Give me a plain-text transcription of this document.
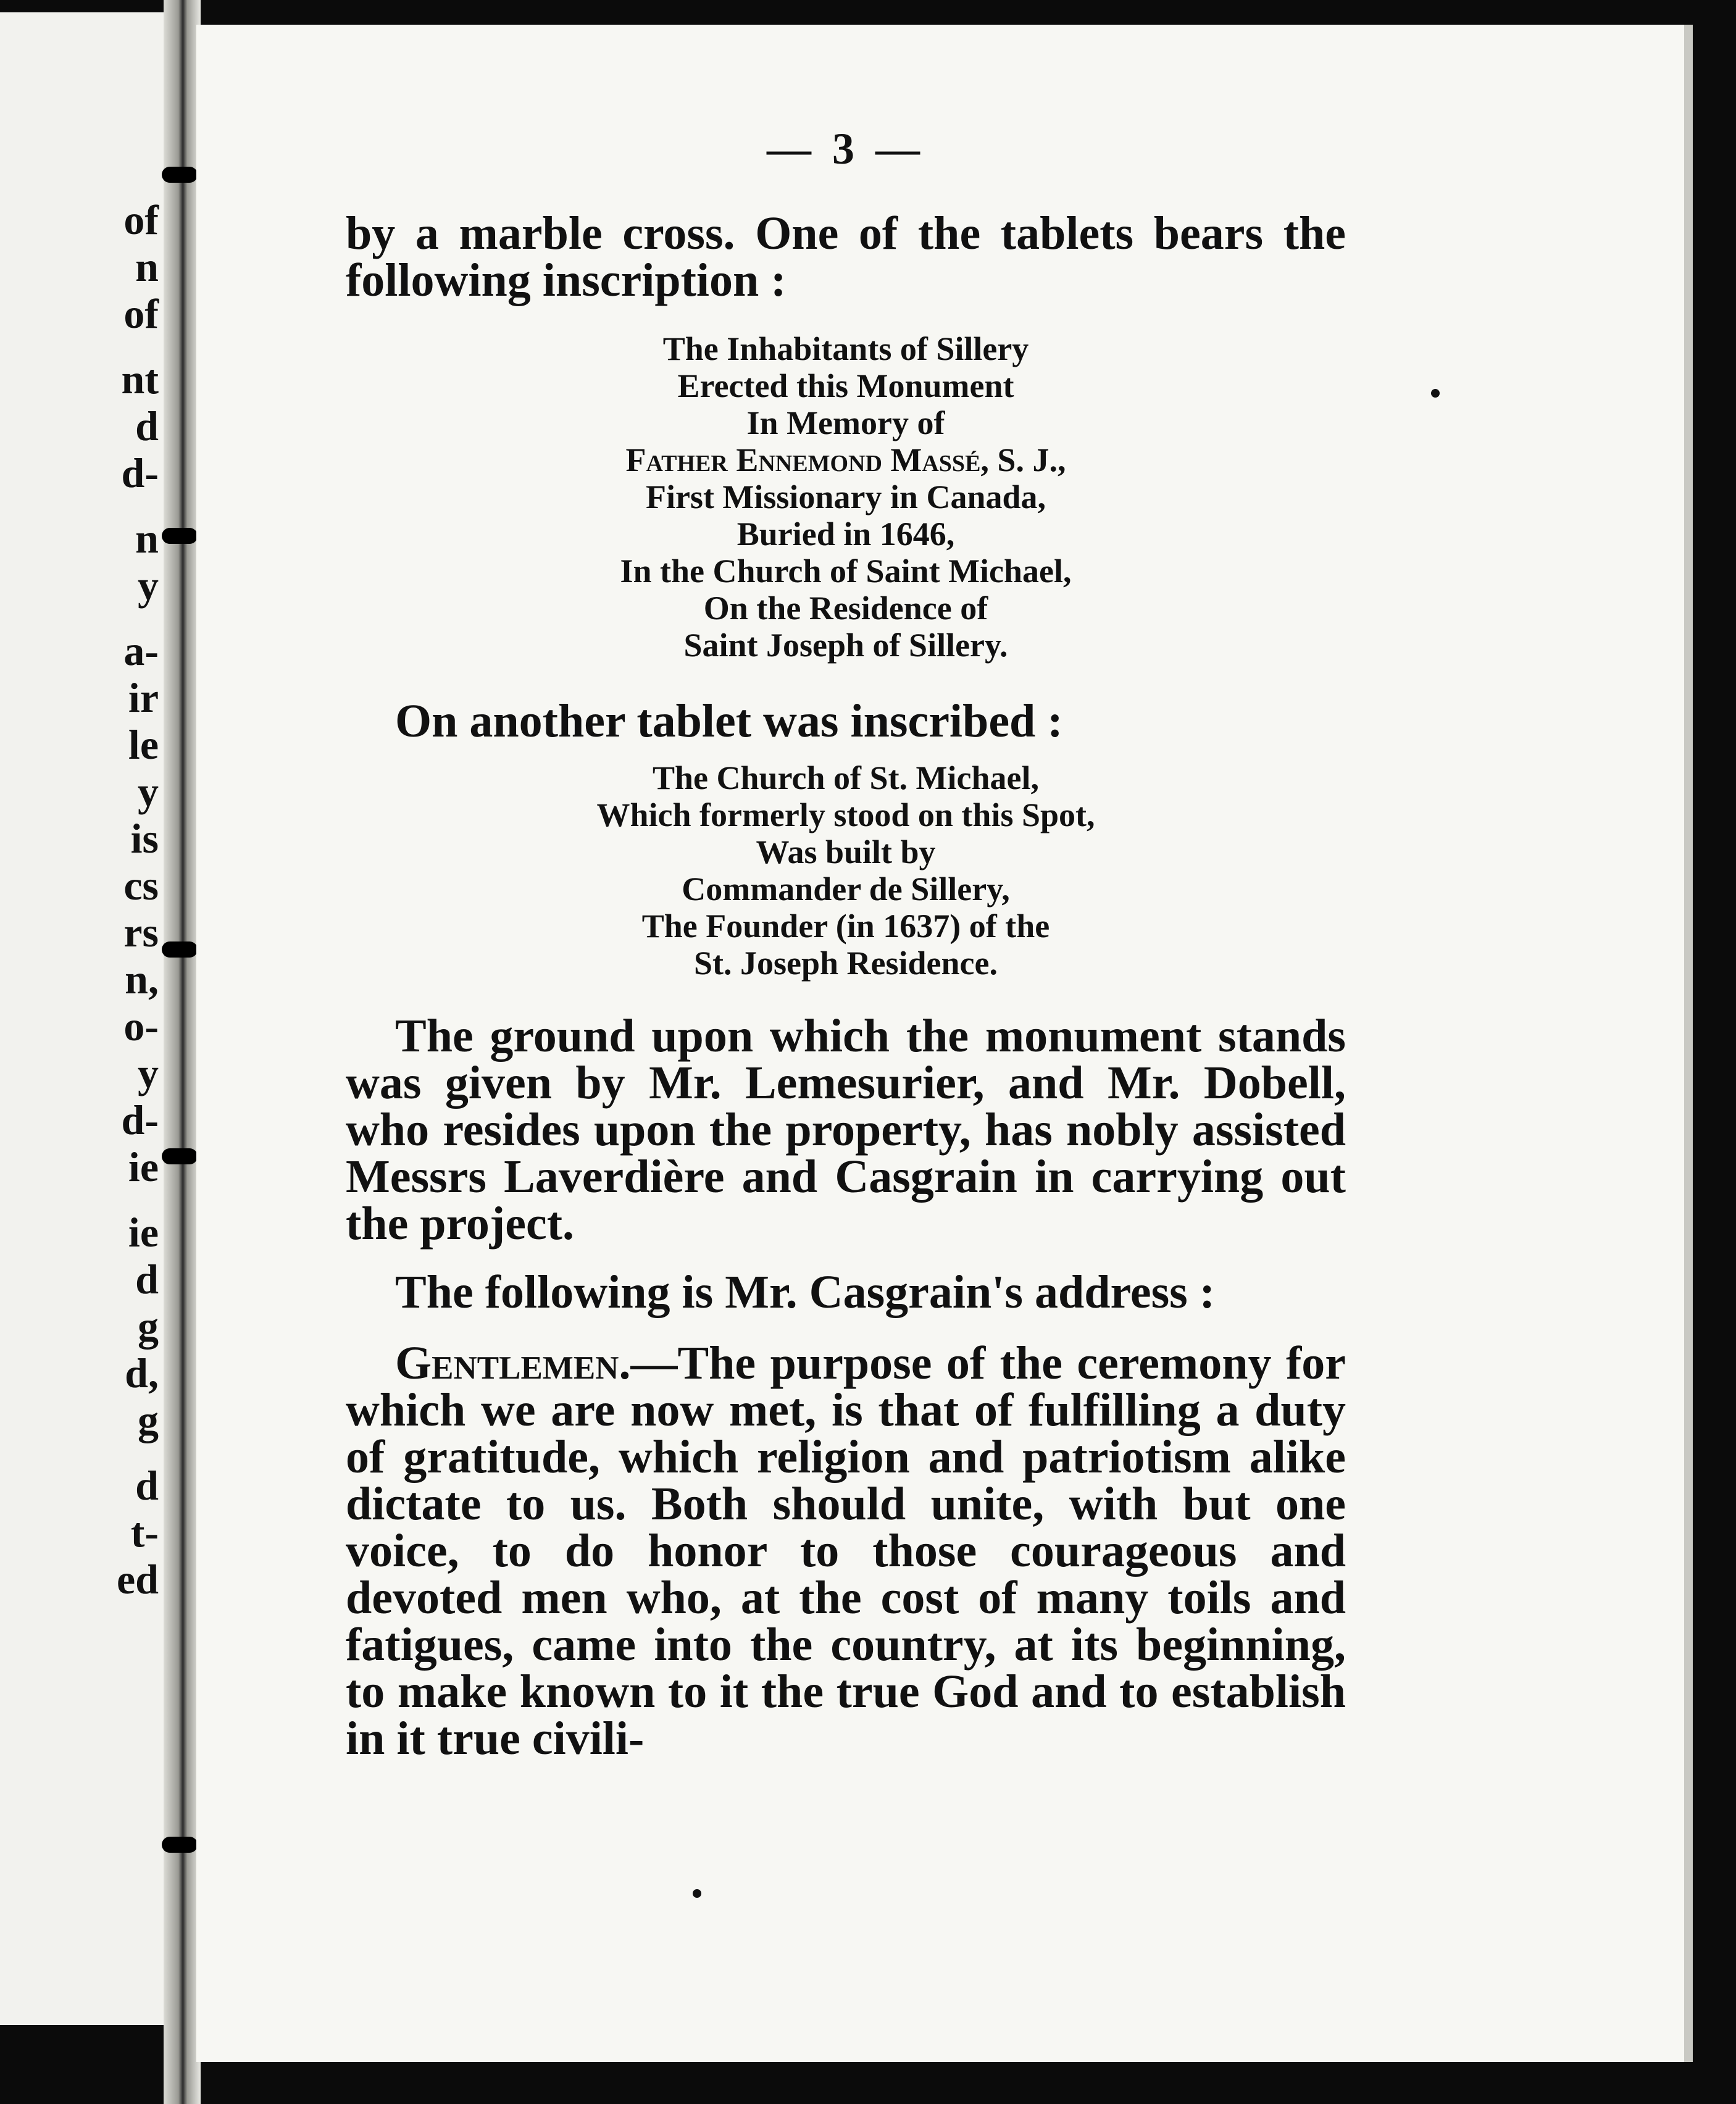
of
n
of
nt
d
d-
n
y
a-
ir
le
y
is
cs
rs
n,
o-
y
d-
ie
ie
d
g
d,
g
d
t-
ed
— 3 —
by a marble cross. One of the tablets bears the following inscription :
The Inhabitants of Sillery
Erected this Monument
In Memory of
Father Ennemond Massé, S. J.,
First Missionary in Canada,
Buried in 1646,
In the Church of Saint Michael,
On the Residence of
Saint Joseph of Sillery.
On another tablet was inscribed :
The Church of St. Michael,
Which formerly stood on this Spot,
Was built by
Commander de Sillery,
The Founder (in 1637) of the
St. Joseph Residence.
The ground upon which the monument stands was given by Mr. Lemesurier, and Mr. Dobell, who resides upon the property, has nobly assisted Messrs Laverdière and Casgrain in carrying out the project.
The following is Mr. Casgrain's address :
Gentlemen.—The purpose of the ceremony for which we are now met, is that of fulfilling a duty of gratitude, which religion and patriotism alike dictate to us. Both should unite, with but one voice, to do honor to those courageous and devoted men who, at the cost of many toils and fatigues, came into the country, at its beginning, to make known to it the true God and to establish in it true civili-
